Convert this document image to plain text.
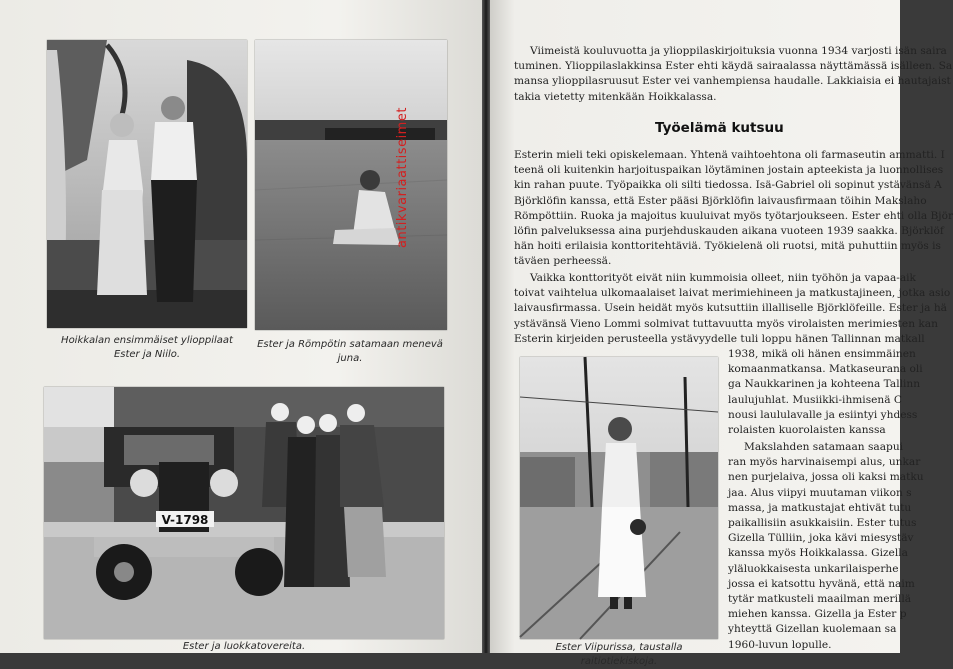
Hoikkalan ensimmäiset ylioppilaat
Ester ja Niilo.
Ester ja Römpötin satamaan menevä juna.
V-1798
Ester ja luokkatovereita.
antikvariaattiseimet
Viimeistä kouluvuotta ja ylioppilaskirjoituksia vuonna 1934 varjosti isän saira
tuminen. Ylioppilaslakkinsa Ester ehti käydä sairaalassa näyttämässä isälleen. Sa
mansa ylioppilasruusut Ester vei vanhempiensa haudalle. Lakkiaisia ei hautajaist
takia vietetty mitenkään Hoikkalassa.
Työelämä kutsuu
Esterin mieli teki opiskelemaan. Yhtenä vaihtoehtona oli farmaseutin ammatti. I
teenä oli kuitenkin harjoituspaikan löytäminen jostain apteekista ja luonnollises
kin rahan puute. Työpaikka oli silti tiedossa. Isä-Gabriel oli sopinut ystävänsä A
Björklöfin kanssa, että Ester pääsi Björklöfin laivausfirmaan töihin Makslaho
Römpöttiin. Ruoka ja majoitus kuuluivat myös työtarjoukseen. Ester ehti olla Björ
löfin palveluksessa aina purjehduskauden aikana vuoteen 1939 saakka. Björklöf
hän hoiti erilaisia konttoritehtäviä. Työkielenä oli ruotsi, mitä puhuttiin myös is
täväen perheessä.
Vaikka konttorityöt eivät niin kummoisia olleet, niin työhön ja vapaa-aik
toivat vaihtelua ulkomaalaiset laivat merimiehineen ja matkustajineen, jotka asio
laivausfirmassa. Usein heidät myös kutsuttiin illalliselle Björklöfeille. Ester ja hä
ystävänsä Vieno Lommi solmivat tuttavuutta myös virolaisten merimiesten kan
Esterin kirjeiden perusteella ystävyydelle tuli loppu hänen Tallinnan matkall
Ester Viipurissa, taustalla raitiotiekiskoja.
1938, mikä oli hänen ensimmäinen
komaanmatkansa. Matkaseurana oli
ga Naukkarinen ja kohteena Tallinn
laulujuhlat. Musiikki-ihmisenä C
nousi laululavalle ja esiintyi yhdess
rolaisten kuorolaisten kanssa
Makslahden satamaan saapui
ran myös harvinaisempi alus, unkar
nen purjelaiva, jossa oli kaksi matku
jaa. Alus viipyi muutaman viikon s
massa, ja matkustajat ehtivät tutu
paikallisiin asukkaisiin. Ester tutus
Gizella Tülliin, joka kävi miesystäv
kanssa myös Hoikkalassa. Gizella
yläluokkaisesta unkarilaisperhe
jossa ei katsottu hyvänä, että naim
tytär matkusteli maailman merillä
miehen kanssa. Gizella ja Ester p
yhteyttä Gizellan kuolemaan sa
1960-luvun lopulle.
